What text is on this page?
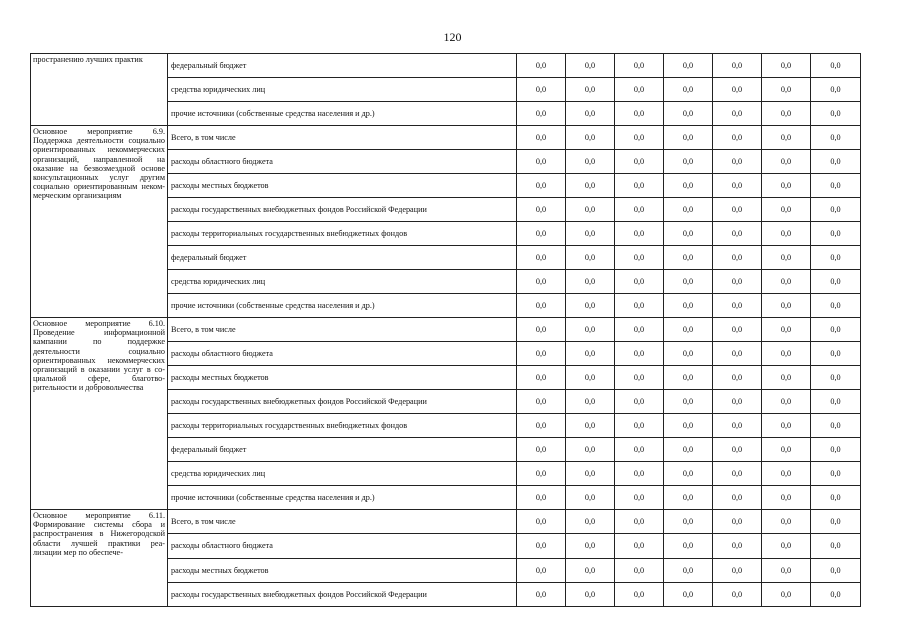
120
пространению лучших практик	федеральный бюджет	0,0	0,0	0,0	0,0	0,0	0,0	0,0
	средства юридических лиц	0,0	0,0	0,0	0,0	0,0	0,0	0,0
	прочие источники (собственные средства населения и др.)	0,0	0,0	0,0	0,0	0,0	0,0	0,0
Основное мероприятие 6.9. Поддержка деятельности социально ориентированных некоммерческих организаций, направленной на оказание на безвозмездной основе консультационных услуг другим социально ориентированным некоммерческим организациям	Всего, в том числе	0,0	0,0	0,0	0,0	0,0	0,0	0,0
	расходы областного бюджета	0,0	0,0	0,0	0,0	0,0	0,0	0,0
	расходы местных бюджетов	0,0	0,0	0,0	0,0	0,0	0,0	0,0
	расходы государственных внебюджетных фондов Российской Федерации	0,0	0,0	0,0	0,0	0,0	0,0	0,0
	расходы территориальных государственных внебюджетных фондов	0,0	0,0	0,0	0,0	0,0	0,0	0,0
	федеральный бюджет	0,0	0,0	0,0	0,0	0,0	0,0	0,0
	средства юридических лиц	0,0	0,0	0,0	0,0	0,0	0,0	0,0
	прочие источники (собственные средства населения и др.)	0,0	0,0	0,0	0,0	0,0	0,0	0,0
Основное мероприятие 6.10. Проведение информационной кампании по поддержке деятельности социально ориентированных некоммерческих организаций в оказании услуг в социальной сфере, благотворительности и добровольчества	Всего, в том числе	0,0	0,0	0,0	0,0	0,0	0,0	0,0
	расходы областного бюджета	0,0	0,0	0,0	0,0	0,0	0,0	0,0
	расходы местных бюджетов	0,0	0,0	0,0	0,0	0,0	0,0	0,0
	расходы государственных внебюджетных фондов Российской Федерации	0,0	0,0	0,0	0,0	0,0	0,0	0,0
	расходы территориальных государственных внебюджетных фондов	0,0	0,0	0,0	0,0	0,0	0,0	0,0
	федеральный бюджет	0,0	0,0	0,0	0,0	0,0	0,0	0,0
	средства юридических лиц	0,0	0,0	0,0	0,0	0,0	0,0	0,0
	прочие источники (собственные средства населения и др.)	0,0	0,0	0,0	0,0	0,0	0,0	0,0
Основное мероприятие 6.11. Формирование системы сбора и распространения в Нижегородской области лучшей практики реализации мер по обеспече-	Всего, в том числе	0,0	0,0	0,0	0,0	0,0	0,0	0,0
	расходы областного бюджета	0,0	0,0	0,0	0,0	0,0	0,0	0,0
	расходы местных бюджетов	0,0	0,0	0,0	0,0	0,0	0,0	0,0
	расходы государственных внебюджетных фондов Российской Федерации	0,0	0,0	0,0	0,0	0,0	0,0	0,0
